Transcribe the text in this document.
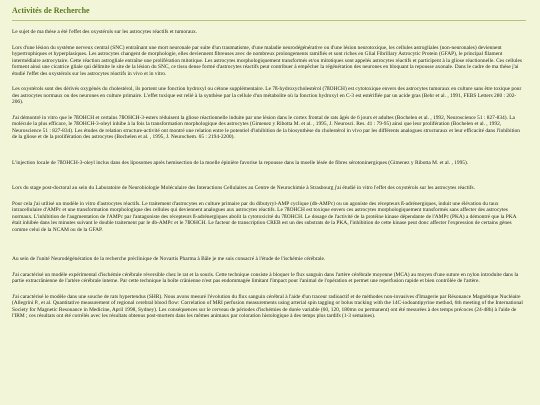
Activités de Recherche

Le sujet de ma thèse a été l'effet des oxystérols sur les astrocytes réactifs et tumoraux.

Lors d'une lésion du système nerveux central (SNC) entraînant une mort neuronale par suite d'un traumatisme, d'une maladie neurodégénérative ou d'une lésion neurotoxique, les cellules astrogliales (non-neuronales) deviennent hypertrophiques et hyperplasiques. Les astrocytes changent de morphologie, elles deviennent fibreuses avec de nombreux prolongements ramifiés et sont riches en Glial Fibrillary Astrocytic Protein (GFAP), le principal filament intermédiaire astrocytaire. Cette réaction astrogliale entraîne une prolifération mitotique. Les astrocytes morphologiquement transformés et/ou mitotiques sont appelés astrocytes réactifs et participent à la gliose réactionnelle. Ces cellules forment ainsi une cicatrice gliale qui délimite le site de la lésion du SNC, ce tissu dense formé d'astrocytes réactifs peut contribuer à empêcher la régénération des neurones en bloquant la repousse axonale. Dans le cadre de ma thèse j'ai étudié l'effet des oxystérols sur les astrocytes réactifs in vivo et in vitro.

Les oxystérols sont des dérivés oxygénés du cholestérol, ils portent une fonction hydroxyl ou cétone supplémentaire. Le 7ß-hydroxycholestérol (7ßOHCH) est cytotoxique envers des astrocytes tumoraux en culture sans être toxique pour des astrocytes normaux ou des neurones en culture primaire. L'effet toxique est relié à la synthèse par la cellule d'un métabolite où la fonction hydroxyl en C-3 est estérifiée par un acide gras (Behr et al. , 1991, FEBS Letters 280 : 202-206).

J'ai démontré in vitro que le 7ßOHCH et certains 7ßOHCH-3-esters réduisent la gliose réactionnelle induite par une lésion dans le cortex frontal de rats âgés de 6 jours et adultes (Bochelen et al. , 1992, Neuroscience 51 : 827-834). La molécule la plus efficace, le 7ßOHCH-3-oleyl inhibe à la fois la transformation morphologique des astrocytes (Gimenez y Ribotta M. et al. , 1995, J. Neurosci. Res. 41 : 79-95) ainsi que leur prolifération (Bochelen et al. , 1992, Neuroscience 51 : 827-834). Les études de relation structure-activité ont montré une relation entre le potentiel d'inhibition de la biosynthèse du cholestérol in vivo par les différents analogues structuraux et leur efficacité dans l'inhibition de la gliose et de la prolifération des astrocytes (Bochelen et al. , 1995, J. Neurochem. 65 : 2194-2200).

L'injection locale de 7ßOHCH-3-oleyl inclus dans des liposomes après hemisection de la moelle épinière favorise la repousse dans la moelle lésée de fibres sérotoninergiques (Gimenez y Ribotta M. et al. , 1995).

Lors du stage post-doctoral au sein du Laboratoire de Neurobiologie Moléculaire des Interactions Cellulaires au Centre de Neurochimie à Strasbourg j'ai étudié in vitro l'effet des oxystérols sur les astrocytes réactifs.

Pour cela j'ai utilisé un modèle in vitro d'astrocytes réactifs. Le traitement d'astrocytes en culture primaire par du dibutyryl-AMP cyclique (db-AMPc) ou un agoniste des récepteurs ß-adrénergiques, induit une élévation du taux intracellulaire d'AMPc et une transformation morphologique des cellules qui deviennent analogues aux astrocytes réactifs. Le 7ßOHCH est toxique envers ces astrocytes morphologiquement transformés sans affecter des astrocytes normaux. L'inhibition de l'augmentation de l'AMPc par l'antagoniste des récepteurs ß-adrénergiques abolit la cytotoxicité du 7ßOHCH. Le dosage de l'activité de la protéine kinase dépendante de l'AMPc (PKA) a démontré que la PKA était inhibée dans les minutes suivant le double traitement par le db-AMPc et le 7ßOHCH. Le facteur de transcription CREB est un des substrats de la PKA, l'inhibition de cette kinase peut donc affecter l'expression de certains gènes comme celui de la NCAM ou de la GFAP.

Au sein de l'unité Neurodégénération de la recherche préclinique de Novartis Pharma à Bâle je me suis consacré à l'étude de l'ischémie cérébrale.

J'ai caractérisé un modèle expérimental d'ischémie cérébrale réversible chez le rat et la souris. Cette technique consiste à bloquer le flux sanguin dans l'artère cérébrale moyenne (MCA) au moyen d'une suture en nylon introduite dans la partie extracrânienne de l'artère cérébrale interne. Par cette technique la boîte crânienne n'est pas endommagée limitant l'impact pour l'animal de l'opération et permet une reperfusion rapide et bien contrôlée de l'artère.

J'ai caractérisé le modèle dans une souche de rats hypertendus (SHR). Nous avons mesuré l'évolution du flux sanguin cérébral à l'aide d'un traceur radioactif et de méthodes non-invasives d'Imagerie par Résonance Magnétique Nucléaire (Allegrini P., et al. Quantitative measurement of regional cerebral blood flow: Correlation of MRI perfusion measurements using arterial spin tagging or bolus tracking with the 14C-iodoantipyrine method, 6th meeting of the International Society for Magnetic Resonance in Medicine, April 1998, Sydney). Les conséquences sur le cerveau de périodes d'ischémies de durée variable (60, 120, 180mn ou permanent) ont été mesurées à des temps précoces (24-48h) à l'aide de l'IRM ; ces résultats ont été corrélés avec les résultats obtenus post-mortem dans les mêmes animaux par coloration histologique à des temps plus tardifs (1-3 semaines).
